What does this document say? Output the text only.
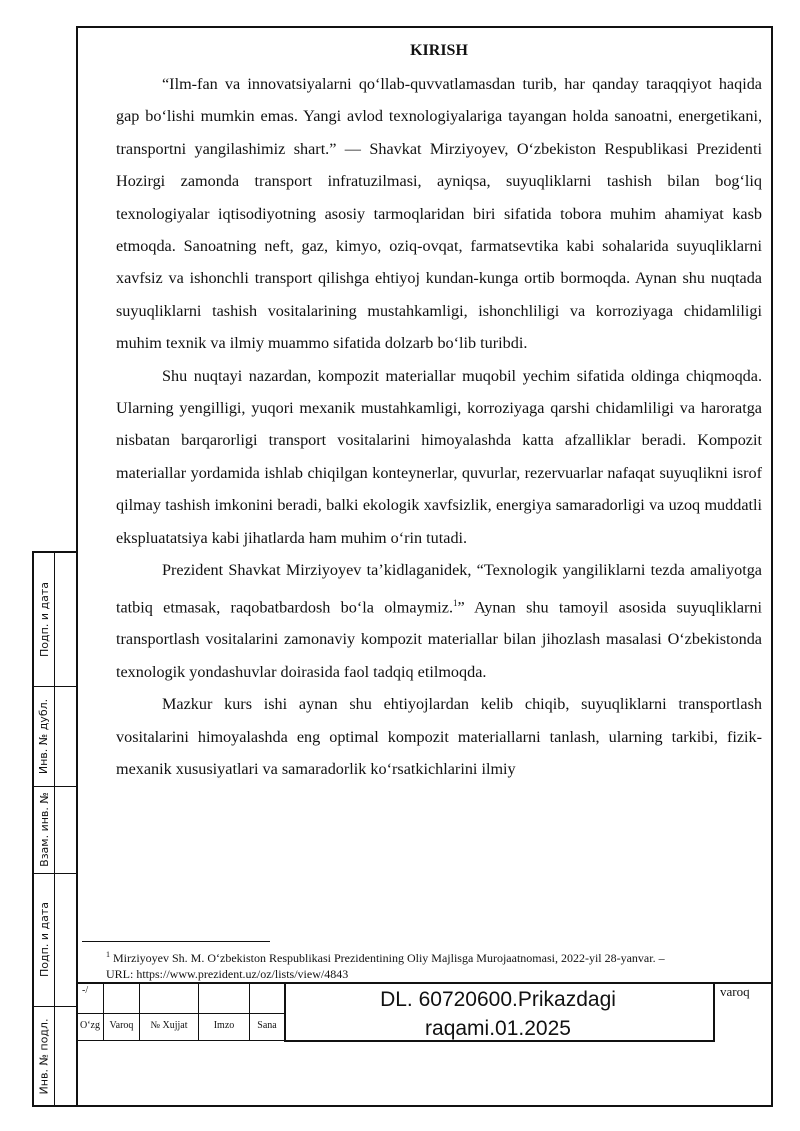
Подп. и дата
Инв. № дубл.
Взам. инв. №
Подп. и дата
Инв. № подл.
KIRISH

“Ilm-fan va innovatsiyalarni qo‘llab-quvvatlamasdan turib, har qanday taraqqiyot haqida gap bo‘lishi mumkin emas. Yangi avlod texnologiyalariga tayangan holda sanoatni, energetikani, transportni yangilashimiz shart.” — Shavkat Mirziyoyev, O‘zbekiston Respublikasi Prezidenti Hozirgi zamonda transport infratuzilmasi, ayniqsa, suyuqliklarni tashish bilan bog‘liq texnologiyalar iqtisodiyotning asosiy tarmoqlaridan biri sifatida tobora muhim ahamiyat kasb etmoqda. Sanoatning neft, gaz, kimyo, oziq-ovqat, farmatsevtika kabi sohalarida suyuqliklarni xavfsiz va ishonchli transport qilishga ehtiyoj kundan-kunga ortib bormoqda. Aynan shu nuqtada suyuqliklarni tashish vositalarining mustahkamligi, ishonchliligi va korroziyaga chidamliligi muhim texnik va ilmiy muammo sifatida dolzarb bo‘lib turibdi.

Shu nuqtayi nazardan, kompozit materiallar muqobil yechim sifatida oldinga chiqmoqda. Ularning yengilligi, yuqori mexanik mustahkamligi, korroziyaga qarshi chidamliligi va haroratga nisbatan barqarorligi transport vositalarini himoyalashda katta afzalliklar beradi. Kompozit materiallar yordamida ishlab chiqilgan konteynerlar, quvurlar, rezervuarlar nafaqat suyuqlikni isrof qilmay tashish imkonini beradi, balki ekologik xavfsizlik, energiya samaradorligi va uzoq muddatli ekspluatatsiya kabi jihatlarda ham muhim o‘rin tutadi.

Prezident Shavkat Mirziyoyev ta’kidlaganidek, “Texnologik yangiliklarni tezda amaliyotga tatbiq etmasak, raqobatbardosh bo‘la olmaymiz.$^1$” Aynan shu tamoyil asosida suyuqliklarni transportlash vositalarini zamonaviy kompozit materiallar bilan jihozlash masalasi O‘zbekistonda texnologik yondashuvlar doirasida faol tadqiq etilmoqda.

Mazkur kurs ishi aynan shu ehtiyojlardan kelib chiqib, suyuqliklarni transportlash vositalarini himoyalashda eng optimal kompozit materiallarni tanlash, ularning tarkibi, fizik-mexanik xususiyatlari va samaradorlik ko‘rsatkichlarini ilmiy

$^1$ Mirziyoyev Sh. M. O‘zbekiston Respublikasi Prezidentining Oliy Majlisga Murojaatnomasi, 2022-yil 28-yanvar. –
URL: https://www.prezident.uz/oz/lists/view/4843
-/
O‘zg Varoq	№ Xujjat	Imzo	Sana
DL. 60720600.Prikazdagi
raqami.01.2025
varoq
